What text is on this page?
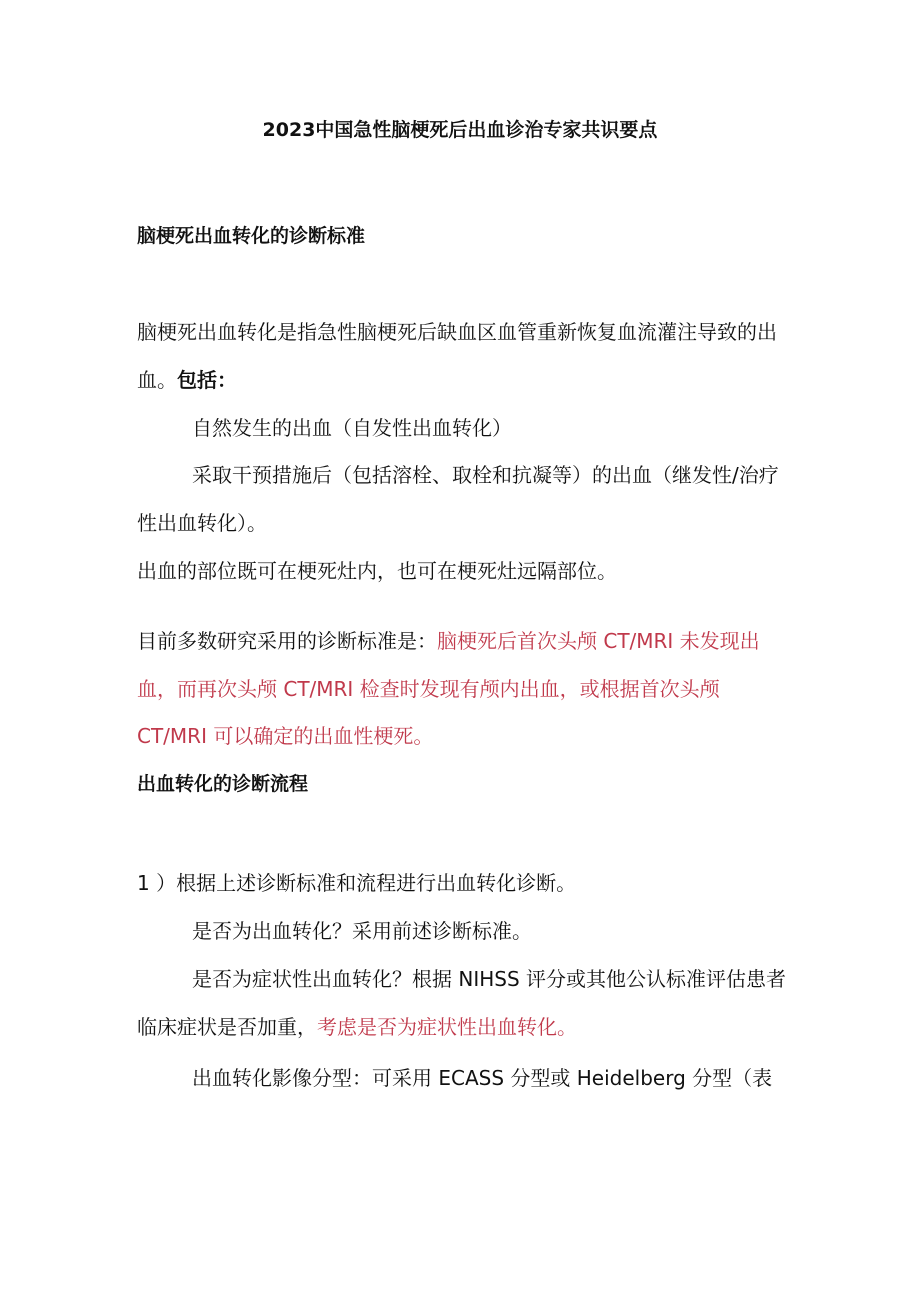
2023中国急性脑梗死后出血诊治专家共识要点
脑梗死出血转化的诊断标准
脑梗死出血转化是指急性脑梗死后缺血区血管重新恢复血流灌注导致的出
血。包括：
自然发生的出血（自发性出血转化）
采取干预措施后（包括溶栓、取栓和抗凝等）的出血（继发性/治疗
性出血转化）。
出血的部位既可在梗死灶内，也可在梗死灶远隔部位。
目前多数研究采用的诊断标准是：脑梗死后首次头颅 CT/MRI 未发现出
血，而再次头颅 CT/MRI 检查时发现有颅内出血，或根据首次头颅
CT/MRI 可以确定的出血性梗死。
出血转化的诊断流程
1 ）根据上述诊断标准和流程进行出血转化诊断。
是否为出血转化？采用前述诊断标准。
是否为症状性出血转化？根据 NIHSS 评分或其他公认标准评估患者
临床症状是否加重，考虑是否为症状性出血转化。
出血转化影像分型：可采用 ECASS 分型或 Heidelberg 分型（表
